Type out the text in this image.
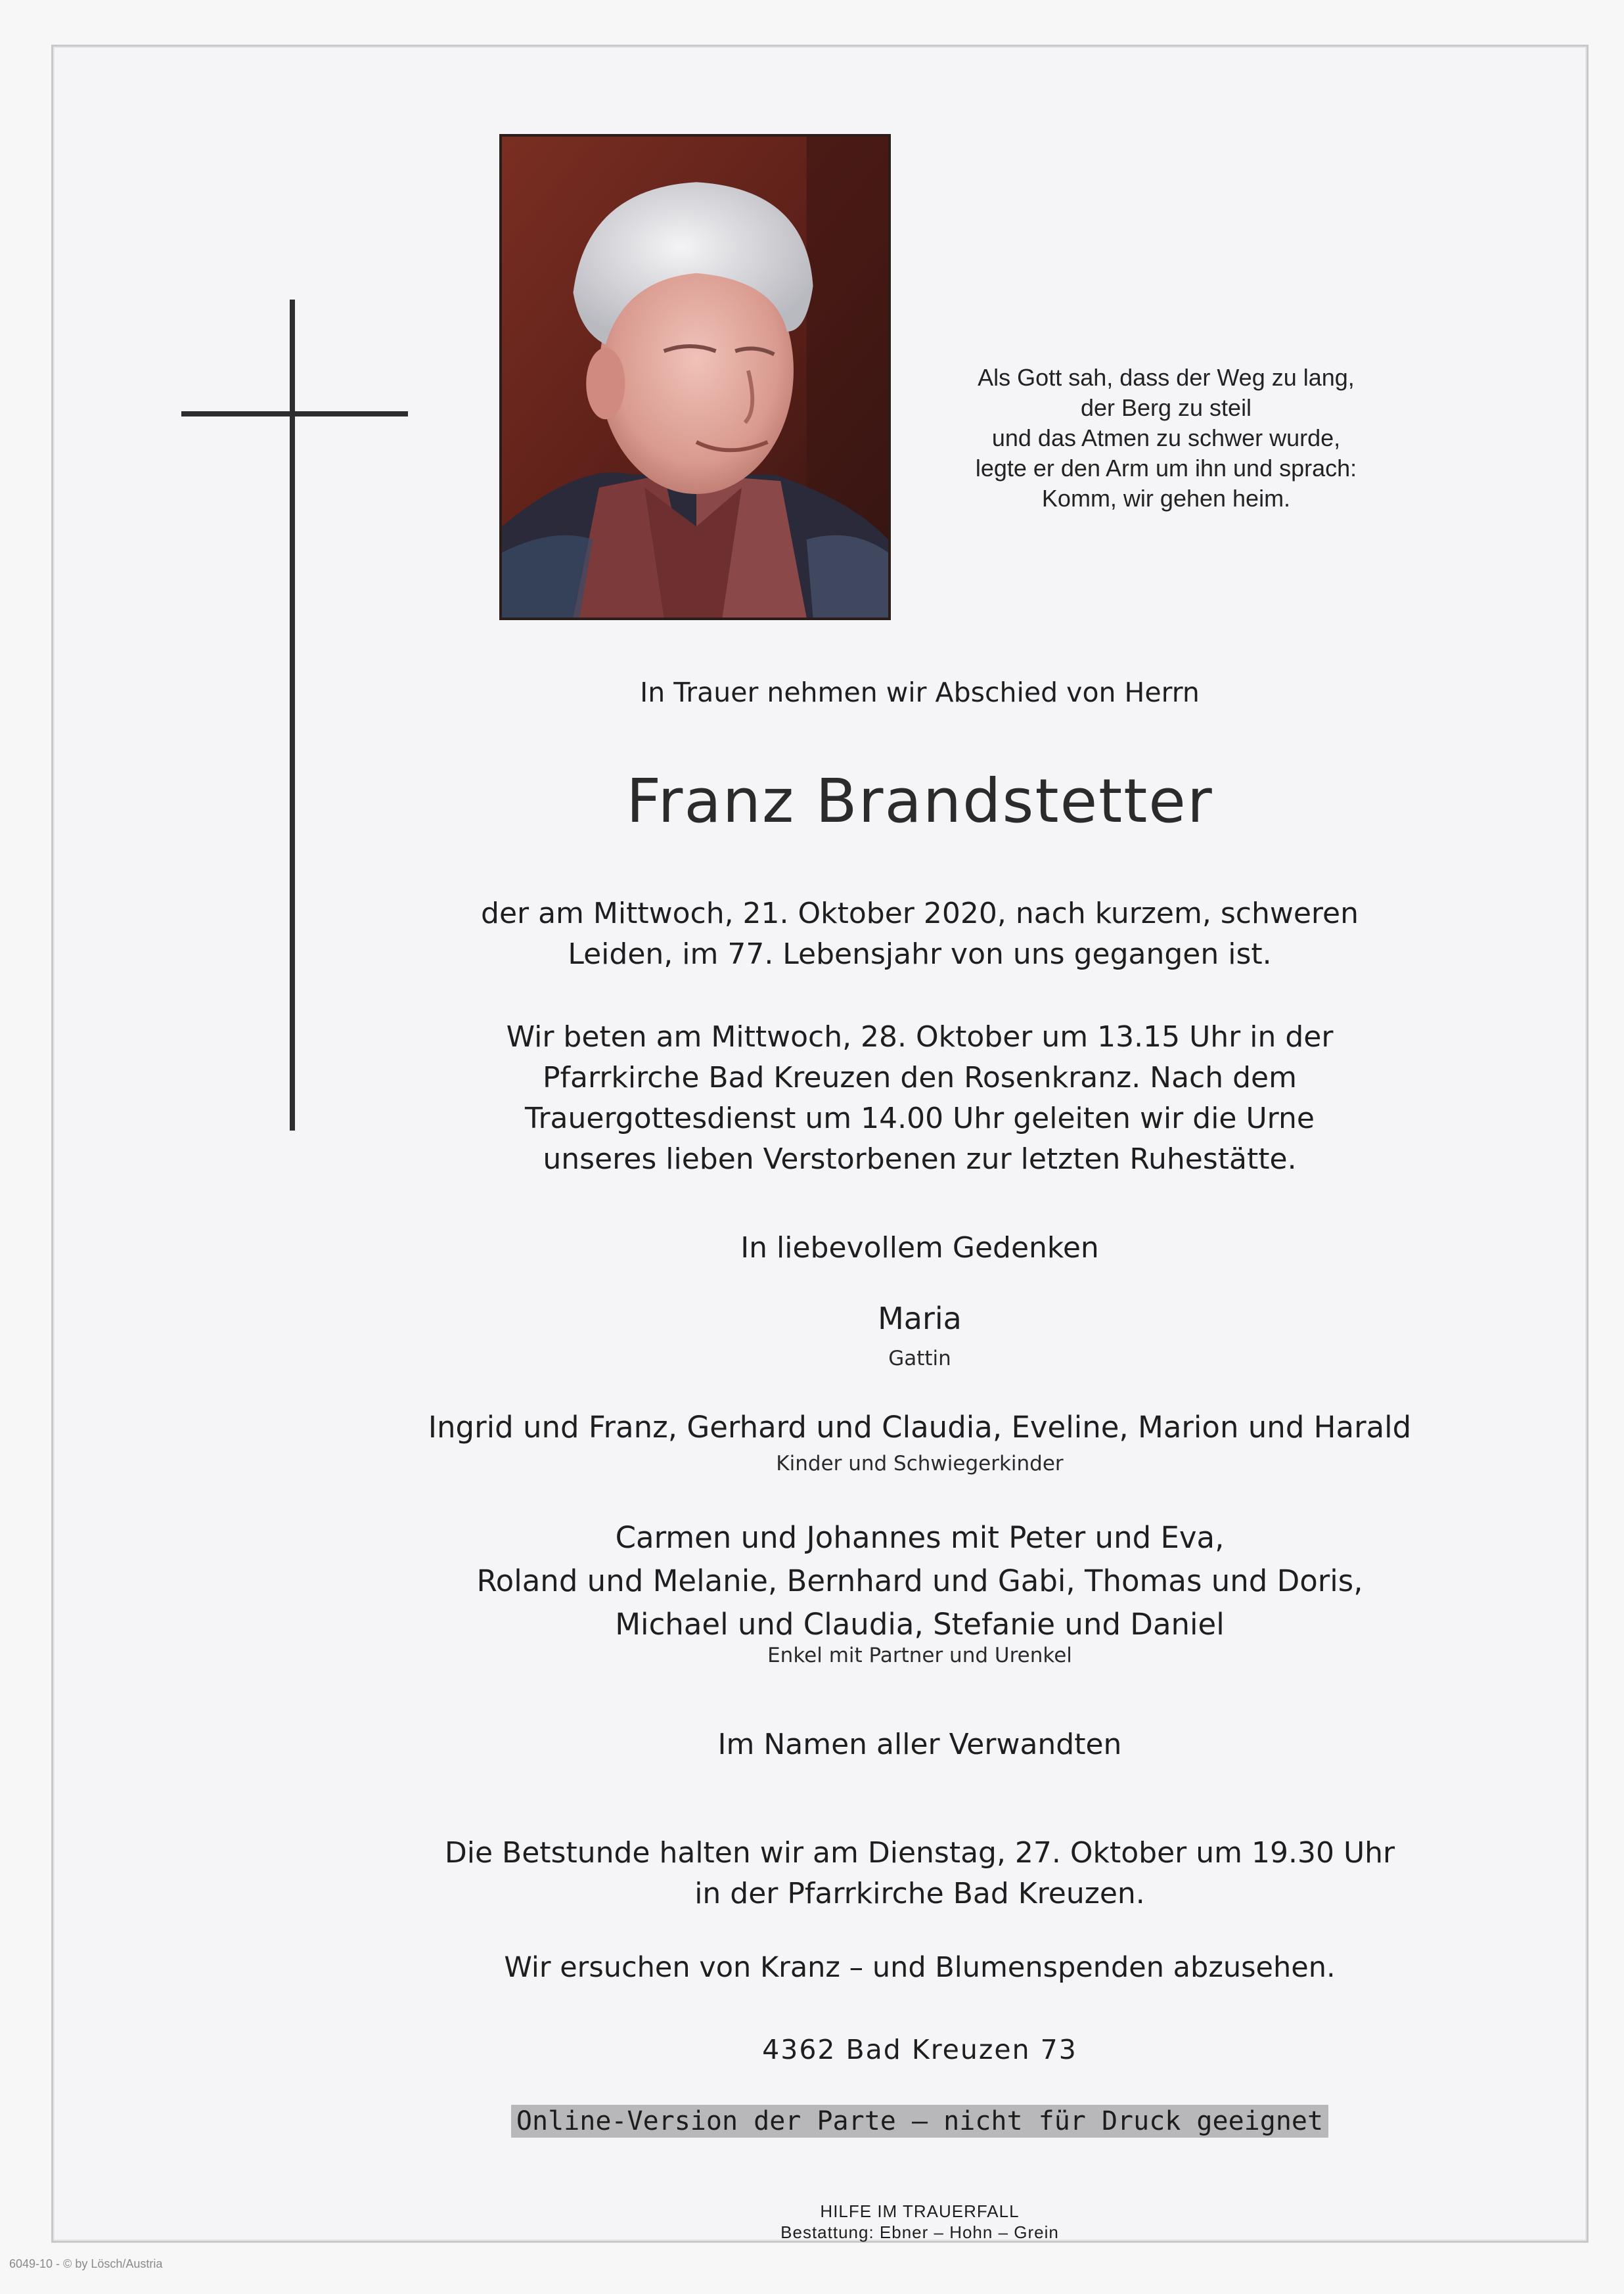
Als Gott sah, dass der Weg zu lang,
der Berg zu steil
und das Atmen zu schwer wurde,
legte er den Arm um ihn und sprach:
Komm, wir gehen heim.
In Trauer nehmen wir Abschied von Herrn
Franz Brandstetter
der am Mittwoch, 21. Oktober 2020, nach kurzem, schweren
Leiden, im 77. Lebensjahr von uns gegangen ist.
Wir beten am Mittwoch, 28. Oktober um 13.15 Uhr in der
Pfarrkirche Bad Kreuzen den Rosenkranz. Nach dem
Trauergottesdienst um 14.00 Uhr geleiten wir die Urne
unseres lieben Verstorbenen zur letzten Ruhestätte.
In liebevollem Gedenken
Maria
Gattin
Ingrid und Franz, Gerhard und Claudia, Eveline, Marion und Harald
Kinder und Schwiegerkinder
Carmen und Johannes mit Peter und Eva,
Roland und Melanie, Bernhard und Gabi, Thomas und Doris,
Michael und Claudia, Stefanie und Daniel
Enkel mit Partner und Urenkel
Im Namen aller Verwandten
Die Betstunde halten wir am Dienstag, 27. Oktober um 19.30 Uhr
in der Pfarrkirche Bad Kreuzen.
Wir ersuchen von Kranz – und Blumenspenden abzusehen.
4362 Bad Kreuzen 73
Online-Version der Parte – nicht für Druck geeignet
HILFE IM TRAUERFALL
Bestattung: Ebner – Hohn – Grein
6049-10 - © by Lösch/Austria
